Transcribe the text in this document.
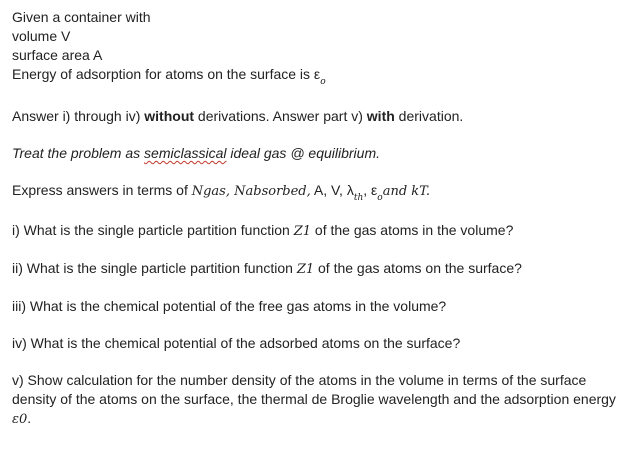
Given a container with

volume V

surface area A

Energy of adsorption for atoms on the surface is $\varepsilon_o$

Answer i) through iv) without derivations. Answer part v) with derivation.

Treat the problem as semiclassical ideal gas @ equilibrium.

Express answers in terms of Ngas, Nabsorbed, A, V, $\lambda_{th}$, $\varepsilon_oand$ kT.

i) What is the single particle partition function Z1 of the gas atoms in the volume?

ii) What is the single particle partition function Z1 of the gas atoms on the surface?

iii) What is the chemical potential of the free gas atoms in the volume?

iv) What is the chemical potential of the adsorbed atoms on the surface?

v) Show calculation for the number density of the atoms in the volume in terms of the surface density of the atoms on the surface, the thermal de Broglie wavelength and the adsorption energy ε0.
